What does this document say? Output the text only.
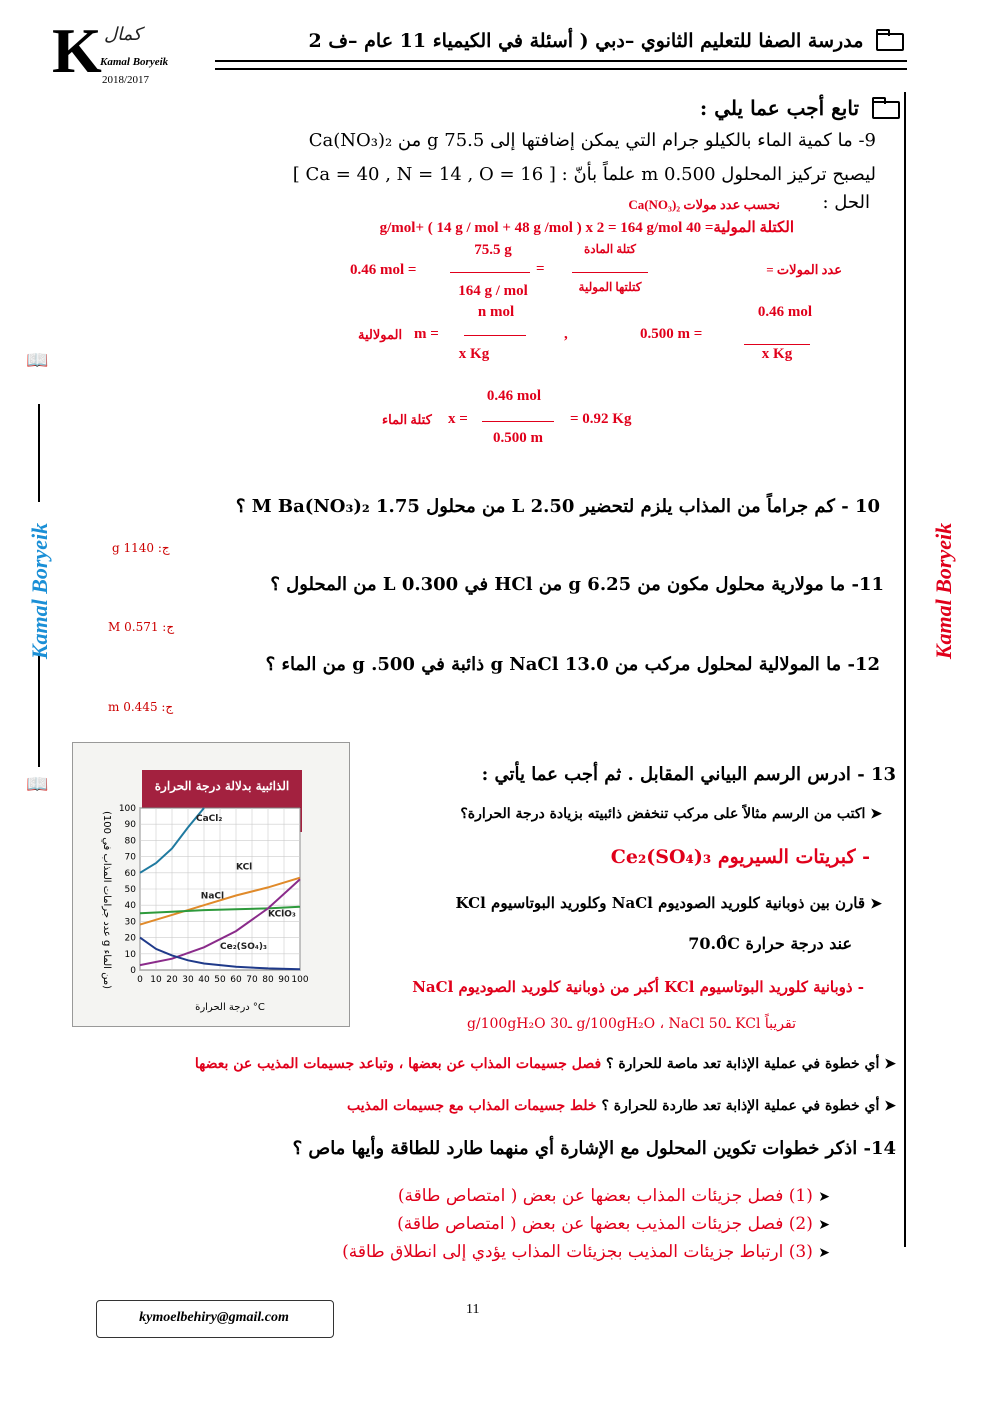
K كمال
Kamal Boryeik
2018/2017
مدرسة الصفا للتعليم الثانوي –دبي ( أسئلة في الكيمياء 11 عام –ف 2
📖
📖
Kamal Boryeik	Kamal Boryeik
تابع أجب عما يلي :
9- ما كمية الماء بالكيلو جرام التي يمكن إضافتها إلى 75.5 g من Ca(NO₃)₂
ليصبح تركيز المحلول 0.500 m علماً بأنّ : [ Ca = 40 , N = 14 , O = 16 ]
الحل :
نحسب عدد مولات Ca(NO₃)₂
الكتلة المولية= 40 g/mol+ ( 14 g / mol + 48 g /mol ) x 2 = 164 g/mol
عدد المولات =
كتلة المادة
كتلتها المولية
=
75.5 g
164 g / mol
0.46 mol =
0.46 mol
x Kg
0.500 m =
,
n mol
x Kg
m =
المولالية
0.46 mol
0.500 m
x =
كتلة الماء	= 0.92 Kg
10 - كم جراماً من المذاب يلزم لتحضير 2.50 L من محلول 1.75 M Ba(NO₃)₂ ؟
ج: 1140 g
11- ما مولارية محلول مكون من 6.25 g من HCl في 0.300 L من المحلول ؟
ج: 0.571 M
12- ما المولالية لمحلول مركب من 13.0 g NaCl ذائبة في 500. g من الماء ؟
ج: 0.445 m
الذائبية بدلالة درجة الحرارة
0 10 20 30 40 50 60 70 80 90 100
0
10
20
30
40
50
60
70
80
90
100
CaCl₂
KCl
NaCl
KClO₃
Ce₂(SO₄)₃
درجة الحرارة °C
(عدد جرامات المذاب في 100 g من الماء)
13 - ادرس الرسم البياني المقابل . ثم أجب عما يأتي :
➤ اكتب من الرسم مثالاً على مركب تنخفض ذائبيته بزيادة درجة الحرارة؟
- كبريتات السيريوم Ce₂(SO₄)₃
➤ قارن بين ذوبانية كلوريد الصوديوم NaCl وكلوريد البوتاسيوم KCl
عند درجة حرارة 70.0̊C
- ذوبانية كلوريد البوتاسيوم KCl أكبر من ذوبانية كلوريد الصوديوم NaCl
تقريباً KCl ـ50 g/100gH₂O ، NaCl ـ30 g/100gH₂O
➤ أي خطوة في عملية الإذابة تعد ماصة للحرارة ؟ فصل جسيمات المذاب عن بعضها ، وتباعد جسيمات المذيب عن بعضها
➤ أي خطوة في عملية الإذابة تعد طاردة للحرارة ؟ خلط جسيمات المذاب مع جسيمات المذيب
14- اذكر خطوات تكوين المحلول مع الإشارة أي منهما طارد للطاقة وأيها ماص ؟
➤ (1) فصل جزيئات المذاب بعضها عن بعض ( امتصاص طاقة)
➤ (2) فصل جزيئات المذيب بعضها عن بعض ( امتصاص طاقة)
➤ (3) ارتباط جزيئات المذيب بجزيئات المذاب يؤدي إلى انطلاق طاقة)
kymoelbehiry@gmail.com
11
